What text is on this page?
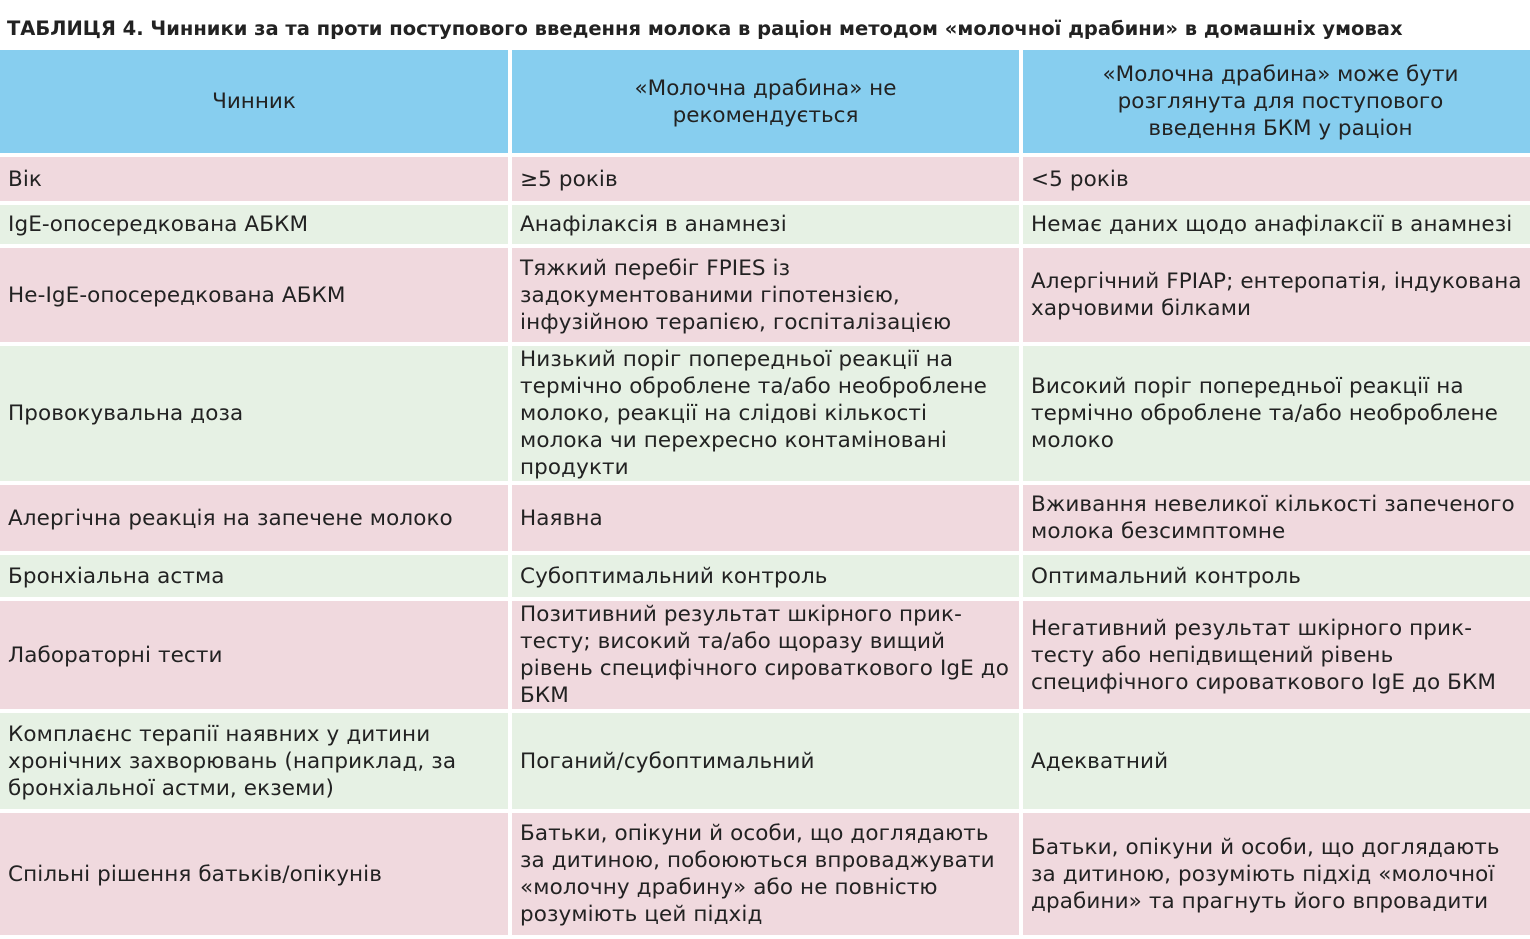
ТАБЛИЦЯ 4. Чинники за та проти поступового введення молока в раціон методом «молочної драбини» в домашніх умовах
Чинник	«Молочна драбина» не рекомендується	«Молочна драбина» може бути розглянута для поступового введення БКМ у раціон
Вік	≥5 років	<5 років
IgE-опосередкована АБКМ	Анафілаксія в анамнезі	Немає даних щодо анафілаксії в анамнезі
Не-IgE-опосередкована АБКМ	Тяжкий перебіг FPIES із задокументованими гіпотензією, інфузійною терапією, госпіталізацією	Алергічний FPIAP; ентеропатія, індукована харчовими білками
Провокувальна доза	Низький поріг попередньої реакції на термічно оброблене та/або необроблене молоко, реакції на слідові кількості молока чи перехресно контаміновані продукти	Високий поріг попередньої реакції на термічно оброблене та/або необроблене молоко
Алергічна реакція на запечене молоко	Наявна	Вживання невеликої кількості запеченого молока безсимптомне
Бронхіальна астма	Субоптимальний контроль	Оптимальний контроль
Лабораторні тести	Позитивний результат шкірного прик-тесту; високий та/або щоразу вищий рівень специфічного сироваткового IgE до БКМ	Негативний результат шкірного прик-тесту або непідвищений рівень специфічного сироваткового IgE до БКМ
Комплаєнс терапії наявних у дитини хронічних захворювань (наприклад, за бронхіальної астми, екземи)	Поганий/субоптимальний	Адекватний
Спільні рішення батьків/опікунів	Батьки, опікуни й особи, що доглядають за дитиною, побоюються впроваджувати «молочну драбину» або не повністю розуміють цей підхід	Батьки, опікуни й особи, що доглядають за дитиною, розуміють підхід «молочної драбини» та прагнуть його впровадити
